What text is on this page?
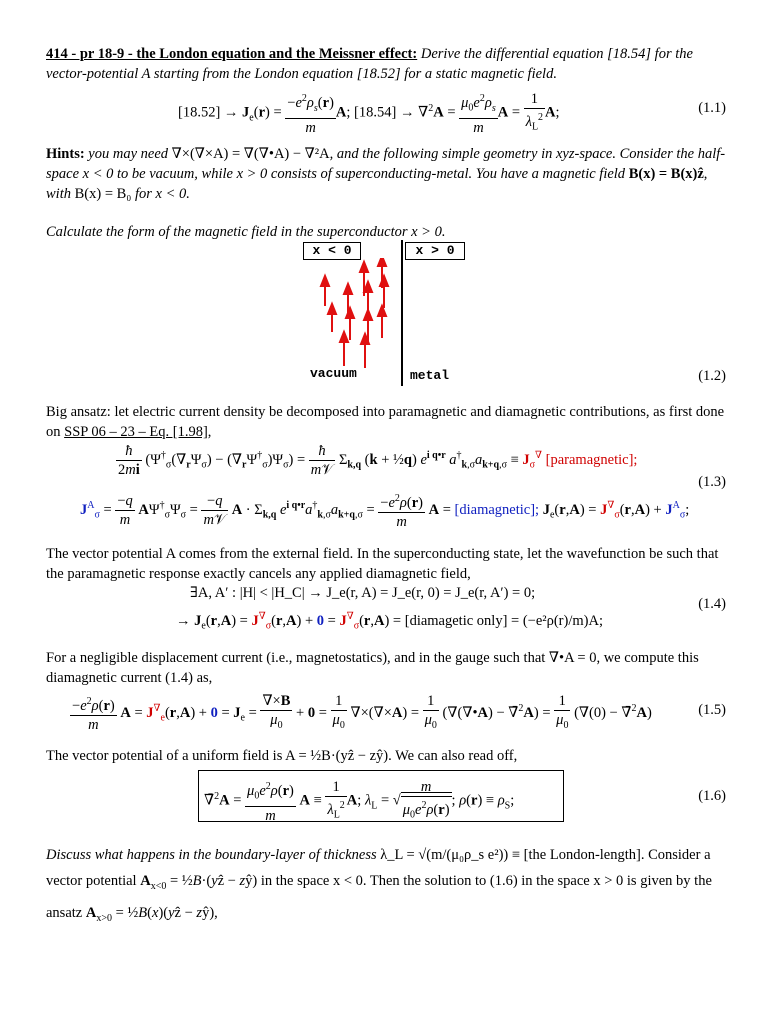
414 - pr 18-9 - the London equation and the Meissner effect: Derive the differential equation [18.54] for the vector-potential A starting from the London equation [18.52] for a static magnetic field.
$[18.52] \to J_e(r) = \frac{-e^2\rho_s(r)}{m} A$; $[18.54] \to \nabla^2A = \frac{\mu_0e^2\rho_s}{m}$ $A = \frac{1}{\lambda_L^2} A$;	(1.1)
Hints: you may need ∇×(∇×A) = ∇(∇•A) − ∇²A, and the following simple geometry in xyz-space. Consider the half-space x < 0 to be vacuum, while x > 0 consists of superconducting-metal. You have a magnetic field B(x) = B(x)ẑ, with B(x) = B₀ for x < 0.
Calculate the form of the magnetic field in the superconductor x > 0.
x < 0	x > 0
vacuum	metal	(1.2)
Big ansatz: let electric current density be decomposed into paramagnetic and diamagnetic contributions, as first done on SSP 06 – 23 – Eq. [1.98],
$\frac{ħ}{2mi} (\Psi^\dagger_\sigma(\nabla_r\Psi_\sigma) - (\nabla_r\Psi^\dagger_\sigma)\Psi_\sigma) = \frac{ħ}{\text{m𝒱}} \Sigma_{k,q}$ (k + ½q) $e^{i q•r}$ $a^\dagger_{k,\sigma}a_{k+q,\sigma} \equiv J_\sigma^\nabla$ [paramagnetic];
$J^A_\sigma = \frac{-q}{m} A\Psi^\dagger_\sigma\Psi_\sigma = \frac{-q}{\text{m𝒱}}$ $A \cdot \Sigma_{k,q}$ $e^{i q•r}a^\dagger_{k,\sigma}a_{k+q,\sigma} = \frac{-e^2\rho(r)}{m}$ A = [diamagnetic]; $J_e(r,A) = J^\nabla_\sigma(r,A) + J^A_\sigma$;
(1.3)
The vector potential A comes from the external field. In the superconducting state, let the wavefunction be such that the paramagnetic response exactly cancels any applied diamagnetic field,
∃A, A′ : |H| < |H_C| → J_e(r, A) = J_e(r, 0) = J_e(r, A′) = 0;
→ $J_e(r,A) = J^\nabla_\sigma(r,A) + 0 = J^\nabla_\sigma(r,A)$ = [diamagetic only] = (−e²ρ(r)/m)A;
(1.4)
For a negligible displacement current (i.e., magnetostatics), and in the gauge such that ∇•A = 0, we compute this diamagnetic current (1.4) as,
$\frac{-e^2\rho(r)}{m}$ $A = J^\nabla_e(r,A) + 0 = J_e = \frac{\nabla\times B}{\mu_0} + 0 = \frac{1}{\mu_0} \nabla\times(\nabla\times A) = \frac{1}{\mu_0}$ (∇(∇•A) − ∇̄$^2$A) = $\frac{1}{\mu_0} (\nabla(0)$ − ∇̄$^2$A)	(1.5)
The vector potential of a uniform field is A = ½B·(yẑ − zŷ). We can also read off,
∇̄$^2$A = $\frac{\mu_0e^2\rho(r)}{m}$ $A \equiv \frac{1}{\lambda_L^2} A$; $\lambda_L$ = √ $\frac{m}{\mu_0e^2\rho(r)}$ ; $\rho(r) \equiv \rho_S$;	(1.6)
Discuss what happens in the boundary-layer of thickness λ_L = √(m/(μ₀ρ_s e²)) ≡ [the London-length]. Consider a vector potential $A_{x<0}$ = ½B·(yẑ − zŷ) in the space x < 0. Then the solution to (1.6) in the space x > 0 is given by the ansatz $A_{x>0}$ = ½B(x)(yẑ − zŷ),
